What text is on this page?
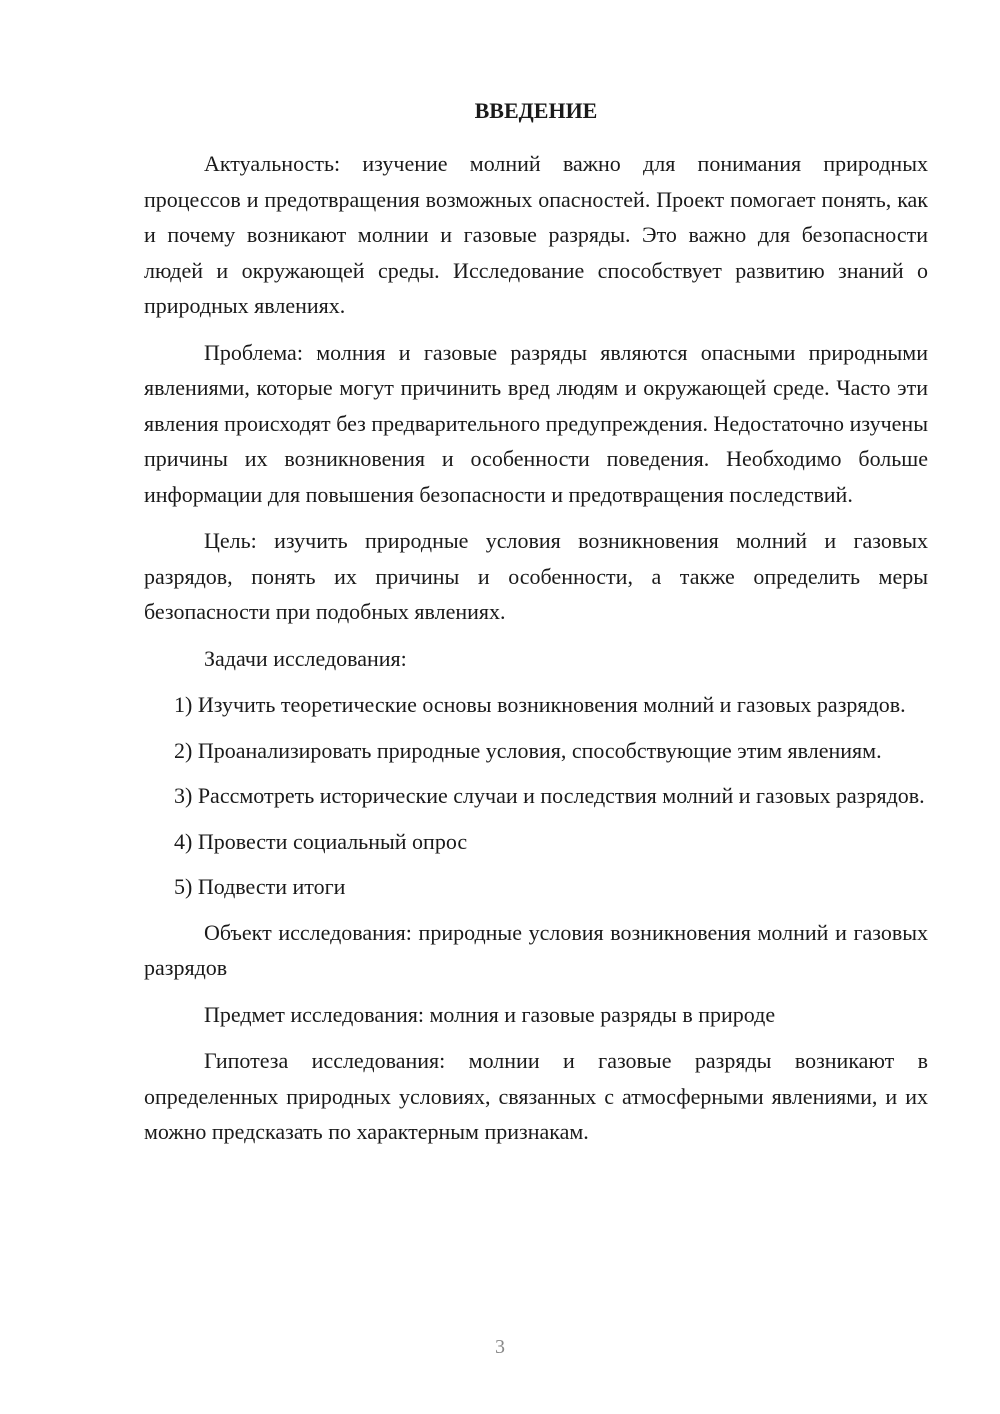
ВВЕДЕНИЕ

Актуальность: изучение молний важно для понимания природных процессов и предотвращения возможных опасностей. Проект помогает понять, как и почему возникают молнии и газовые разряды. Это важно для безопасности людей и окружающей среды. Исследование способствует развитию знаний о природных явлениях.

Проблема: молния и газовые разряды являются опасными природными явлениями, которые могут причинить вред людям и окружающей среде. Часто эти явления происходят без предварительного предупреждения. Недостаточно изучены причины их возникновения и особенности поведения. Необходимо больше информации для повышения безопасности и предотвращения последствий.

Цель: изучить природные условия возникновения молний и газовых разрядов, понять их причины и особенности, а также определить меры безопасности при подобных явлениях.

Задачи исследования:

1) Изучить теоретические основы возникновения молний и газовых разрядов.

2) Проанализировать природные условия, способствующие этим явлениям.

3) Рассмотреть исторические случаи и последствия молний и газовых разрядов.

4) Провести социальный опрос

5) Подвести итоги

Объект исследования: природные условия возникновения молний и газовых разрядов

Предмет исследования: молния и газовые разряды в природе

Гипотеза исследования: молнии и газовые разряды возникают в определенных природных условиях, связанных с атмосферными явлениями, и их можно предсказать по характерным признакам.

3
